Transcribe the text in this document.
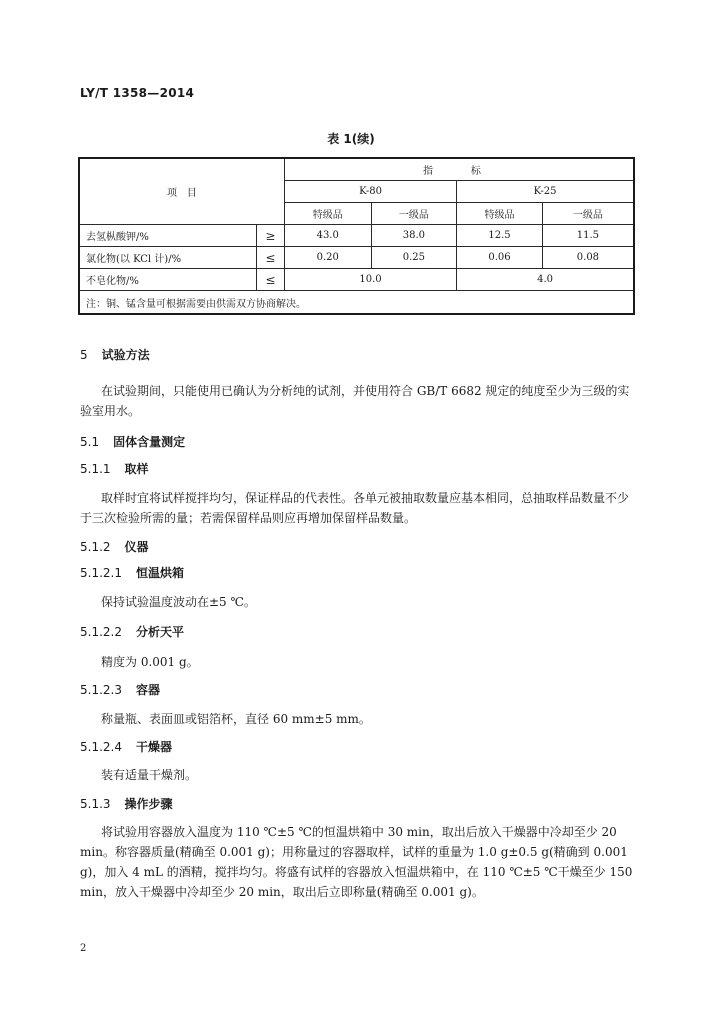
LY/T 1358—2014
表 1(续)
项　目		指　标			
		K-80		K-25	
		特级品	一级品	特级品	一级品
去氢枞酸钾/%	≥	43.0	38.0	12.5	11.5
氯化物(以 KCl 计)/%	≤	0.20	0.25	0.06	0.08
不皂化物/%	≤	10.0		4.0	
注：铜、锰含量可根据需要由供需双方协商解决。					
5 试验方法
在试验期间，只能使用已确认为分析纯的试剂，并使用符合 GB/T 6682 规定的纯度至少为三级的实验室用水。
5.1 固体含量测定
5.1.1 取样
取样时宜将试样搅拌均匀，保证样品的代表性。各单元被抽取数量应基本相同，总抽取样品数量不少于三次检验所需的量；若需保留样品则应再增加保留样品数量。
5.1.2 仪器
5.1.2.1 恒温烘箱
保持试验温度波动在±5 ℃。
5.1.2.2 分析天平
精度为 0.001 g。
5.1.2.3 容器
称量瓶、表面皿或铝箔杯，直径 60 mm±5 mm。
5.1.2.4 干燥器
装有适量干燥剂。
5.1.3 操作步骤
将试验用容器放入温度为 110 ℃±5 ℃的恒温烘箱中 30 min，取出后放入干燥器中冷却至少 20 min。称容器质量(精确至 0.001 g)；用称量过的容器取样，试样的重量为 1.0 g±0.5 g(精确到 0.001 g)，加入 4 mL 的酒精，搅拌均匀。将盛有试样的容器放入恒温烘箱中，在 110 ℃±5 ℃干燥至少 150 min，放入干燥器中冷却至少 20 min，取出后立即称量(精确至 0.001 g)。
2
